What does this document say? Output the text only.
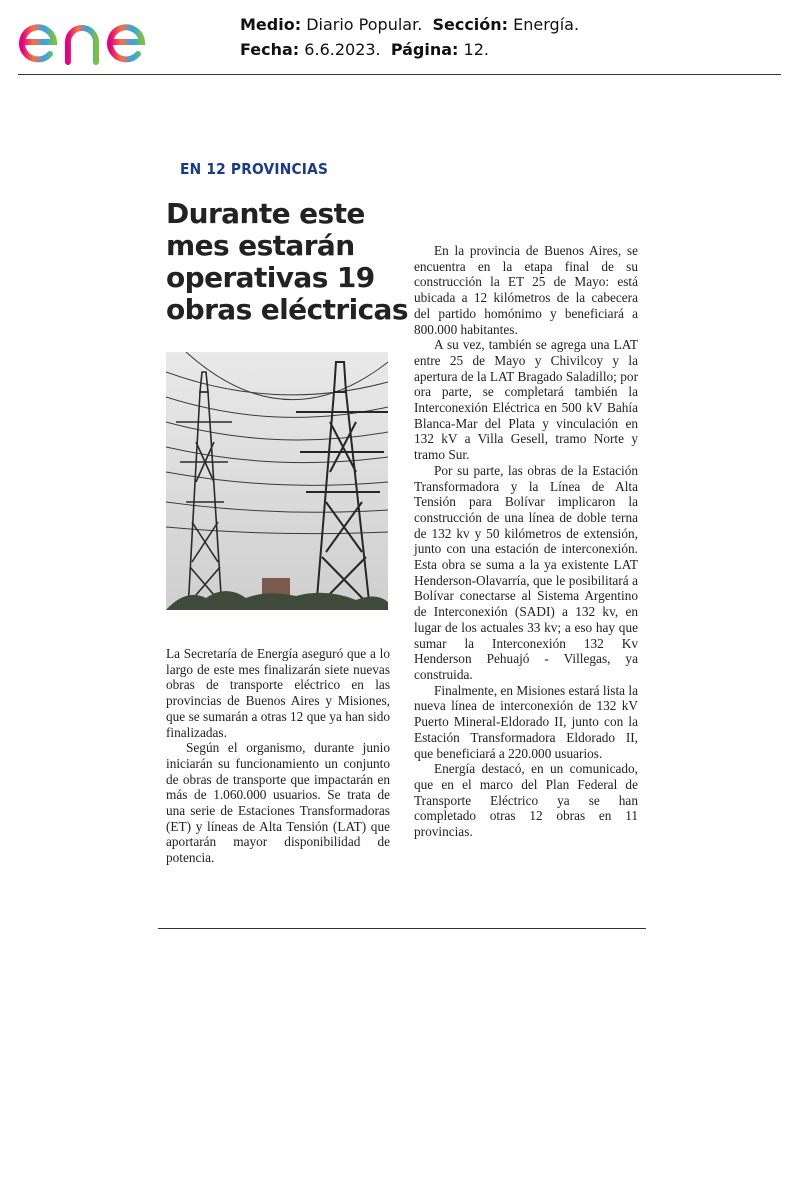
Medio: Diario Popular. Sección: Energía.
Fecha: 6.6.2023. Página: 12.
EN 12 PROVINCIAS
Durante este
mes estarán
operativas 19
obras eléctricas

La Secretaría de Energía aseguró que a lo largo de este mes finalizarán siete nuevas obras de transporte eléctrico en las provincias de Buenos Aires y Misiones, que se sumarán a otras 12 que ya han sido finalizadas.

Según el organismo, durante junio iniciarán su funcionamiento un conjunto de obras de transporte que impactarán en más de 1.060.000 usuarios. Se trata de una serie de Estaciones Transformadoras (ET) y líneas de Alta Tensión (LAT) que aportarán mayor disponibilidad de potencia.

En la provincia de Buenos Aires, se encuentra en la etapa final de su construcción la ET 25 de Mayo: está ubicada a 12 kilómetros de la cabecera del partido homónimo y beneficiará a 800.000 habitantes.

A su vez, también se agrega una LAT entre 25 de Mayo y Chivilcoy y la apertura de la LAT Bragado Saladillo; por ora parte, se completará también la Interconexión Eléctrica en 500 kV Bahía Blanca-Mar del Plata y vinculación en 132 kV a Villa Gesell, tramo Norte y tramo Sur.

Por su parte, las obras de la Estación Transformadora y la Línea de Alta Tensión para Bolívar implicaron la construcción de una línea de doble terna de 132 kv y 50 kilómetros de extensión, junto con una estación de interconexión. Esta obra se suma a la ya existente LAT Henderson-Olavarría, que le posibilitará a Bolívar conectarse al Sistema Argentino de Interconexión (SADI) a 132 kv, en lugar de los actuales 33 kv; a eso hay que sumar la Interconexión 132 Kv Henderson Pehuajó - Villegas, ya construida.

Finalmente, en Misiones estará lista la nueva línea de interconexión de 132 kV Puerto Mineral-Eldorado II, junto con la Estación Transformadora Eldorado II, que beneficiará a 220.000 usuarios.

Energía destacó, en un comunicado, que en el marco del Plan Federal de Transporte Eléctrico ya se han completado otras 12 obras en 11 provincias.
